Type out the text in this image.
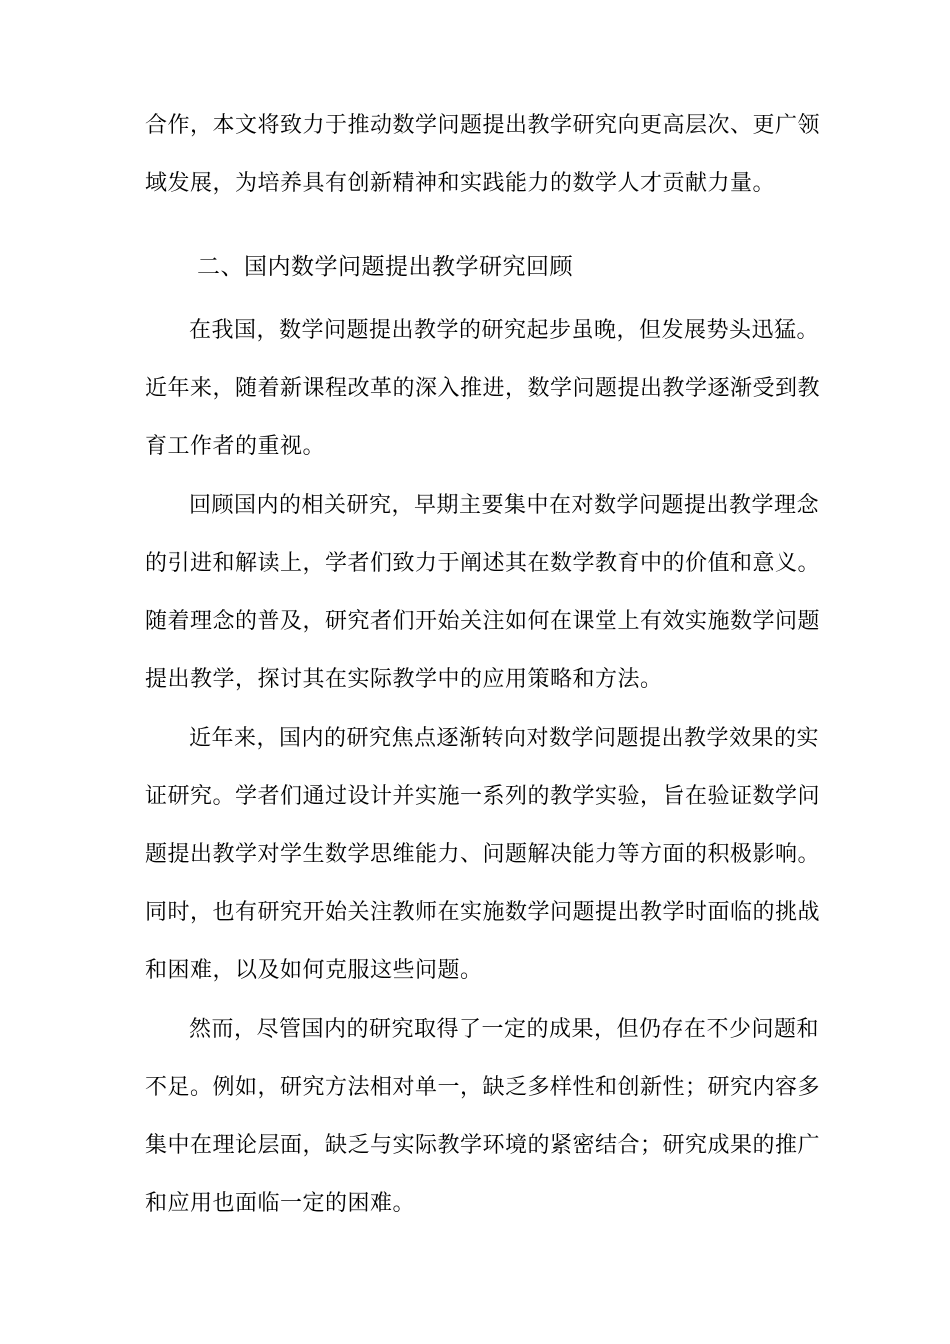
合作，本文将致力于推动数学问题提出教学研究向更高层次、更广领
域发展，为培养具有创新精神和实践能力的数学人才贡献力量。
二、国内数学问题提出教学研究回顾
在我国，数学问题提出教学的研究起步虽晚，但发展势头迅猛。
近年来，随着新课程改革的深入推进，数学问题提出教学逐渐受到教
育工作者的重视。
回顾国内的相关研究，早期主要集中在对数学问题提出教学理念
的引进和解读上，学者们致力于阐述其在数学教育中的价值和意义。
随着理念的普及，研究者们开始关注如何在课堂上有效实施数学问题
提出教学，探讨其在实际教学中的应用策略和方法。
近年来，国内的研究焦点逐渐转向对数学问题提出教学效果的实
证研究。学者们通过设计并实施一系列的教学实验，旨在验证数学问
题提出教学对学生数学思维能力、问题解决能力等方面的积极影响。
同时，也有研究开始关注教师在实施数学问题提出教学时面临的挑战
和困难，以及如何克服这些问题。
然而，尽管国内的研究取得了一定的成果，但仍存在不少问题和
不足。例如，研究方法相对单一，缺乏多样性和创新性；研究内容多
集中在理论层面，缺乏与实际教学环境的紧密结合；研究成果的推广
和应用也面临一定的困难。
